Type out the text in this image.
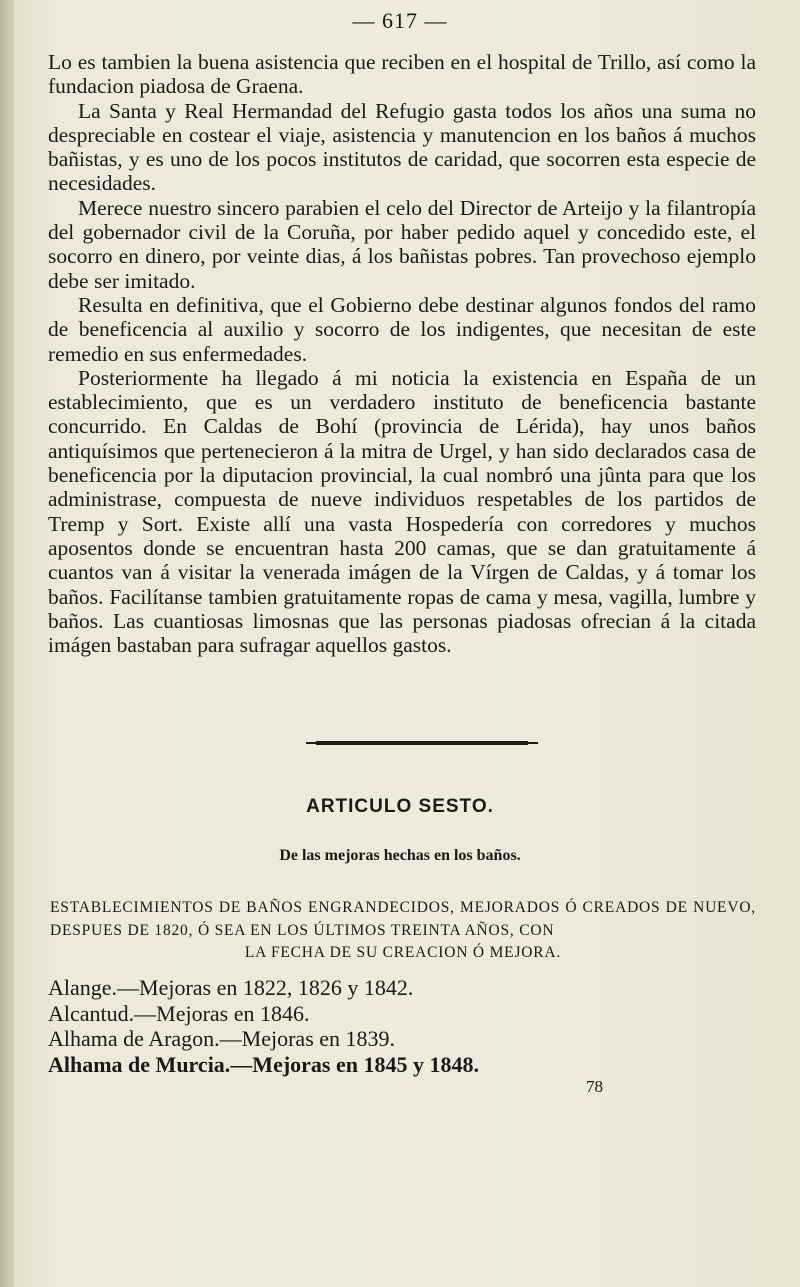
— 617 —

Lo es tambien la buena asistencia que reciben en el hospital de Trillo, así como la fundacion piadosa de Graena.

La Santa y Real Hermandad del Refugio gasta todos los años una suma no despreciable en costear el viaje, asistencia y manutencion en los baños á muchos bañistas, y es uno de los pocos institutos de caridad, que socorren esta especie de necesidades.

Merece nuestro sincero parabien el celo del Director de Arteijo y la filantropía del gobernador civil de la Coruña, por haber pedido aquel y concedido este, el socorro en dinero, por veinte dias, á los bañistas pobres. Tan provechoso ejemplo debe ser imitado.

Resulta en definitiva, que el Gobierno debe destinar algunos fondos del ramo de beneficencia al auxilio y socorro de los indigentes, que necesitan de este remedio en sus enfermedades.

Posteriormente ha llegado á mi noticia la existencia en España de un establecimiento, que es un verdadero instituto de beneficencia bastante concurrido. En Caldas de Bohí (provincia de Lérida), hay unos baños antiquísimos que pertenecieron á la mitra de Urgel, y han sido declarados casa de beneficencia por la diputacion provincial, la cual nombró una jûnta para que los administrase, compuesta de nueve individuos respetables de los partidos de Tremp y Sort. Existe allí una vasta Hospedería con corredores y muchos aposentos donde se encuentran hasta 200 camas, que se dan gratuitamente á cuantos van á visitar la venerada imágen de la Vírgen de Caldas, y á tomar los baños. Facilítanse tambien gratuitamente ropas de cama y mesa, vagilla, lumbre y baños. Las cuantiosas limosnas que las personas piadosas ofrecian á la citada imágen bastaban para sufragar aquellos gastos.

ARTICULO SESTO.
De las mejoras hechas en los baños.
ESTABLECIMIENTOS DE BAÑOS ENGRANDECIDOS, MEJORADOS Ó CREADOS DE NUEVO, DESPUES DE 1820, Ó SEA EN LOS ÚLTIMOS TREINTA AÑOS, CON
LA FECHA DE SU CREACION Ó MEJORA.
Alange.—Mejoras en 1822, 1826 y 1842.
Alcantud.—Mejoras en 1846.
Alhama de Aragon.—Mejoras en 1839.
Alhama de Murcia.—Mejoras en 1845 y 1848.
78
